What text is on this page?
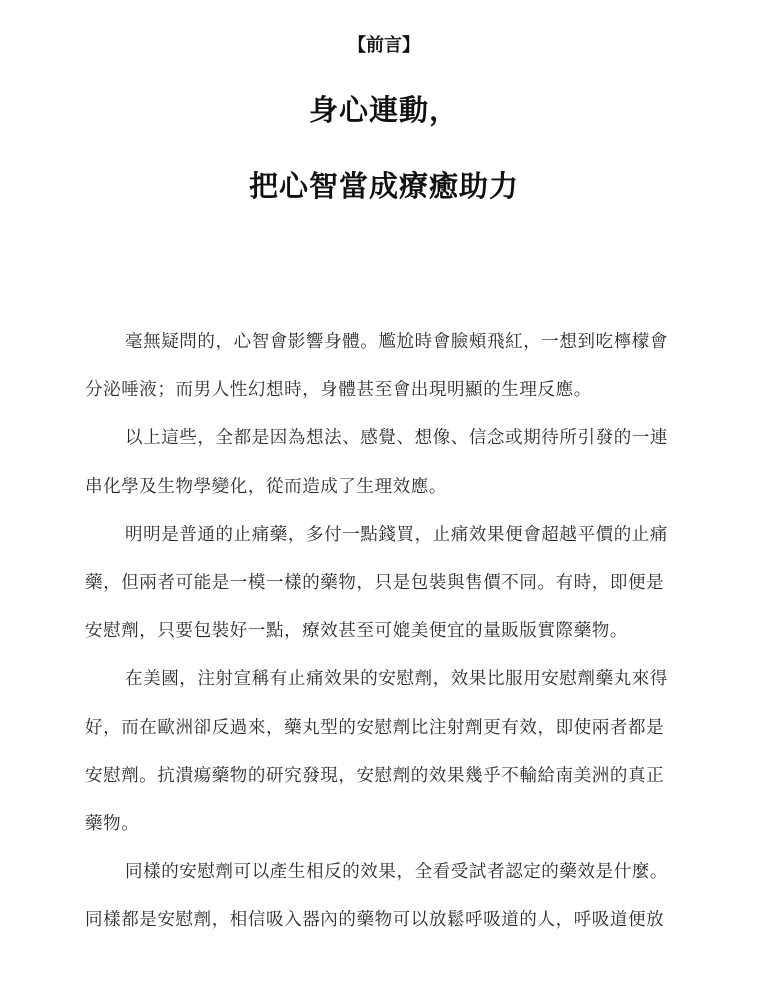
【前言】
身心連動，
把心智當成療癒助力
毫無疑問的，心智會影響身體。尷尬時會臉頰飛紅，一想到吃檸檬會
分泌唾液；而男人性幻想時，身體甚至會出現明顯的生理反應。
以上這些，全都是因為想法、感覺、想像、信念或期待所引發的一連
串化學及生物學變化，從而造成了生理效應。
明明是普通的止痛藥，多付一點錢買，止痛效果便會超越平價的止痛
藥，但兩者可能是一模一樣的藥物，只是包裝與售價不同。有時，即便是
安慰劑，只要包裝好一點，療效甚至可媲美便宜的量販版實際藥物。
在美國，注射宣稱有止痛效果的安慰劑，效果比服用安慰劑藥丸來得
好，而在歐洲卻反過來，藥丸型的安慰劑比注射劑更有效，即使兩者都是
安慰劑。抗潰瘍藥物的研究發現，安慰劑的效果幾乎不輸給南美洲的真正
藥物。
同樣的安慰劑可以產生相反的效果，全看受試者認定的藥效是什麼。
同樣都是安慰劑，相信吸入器內的藥物可以放鬆呼吸道的人，呼吸道便放
